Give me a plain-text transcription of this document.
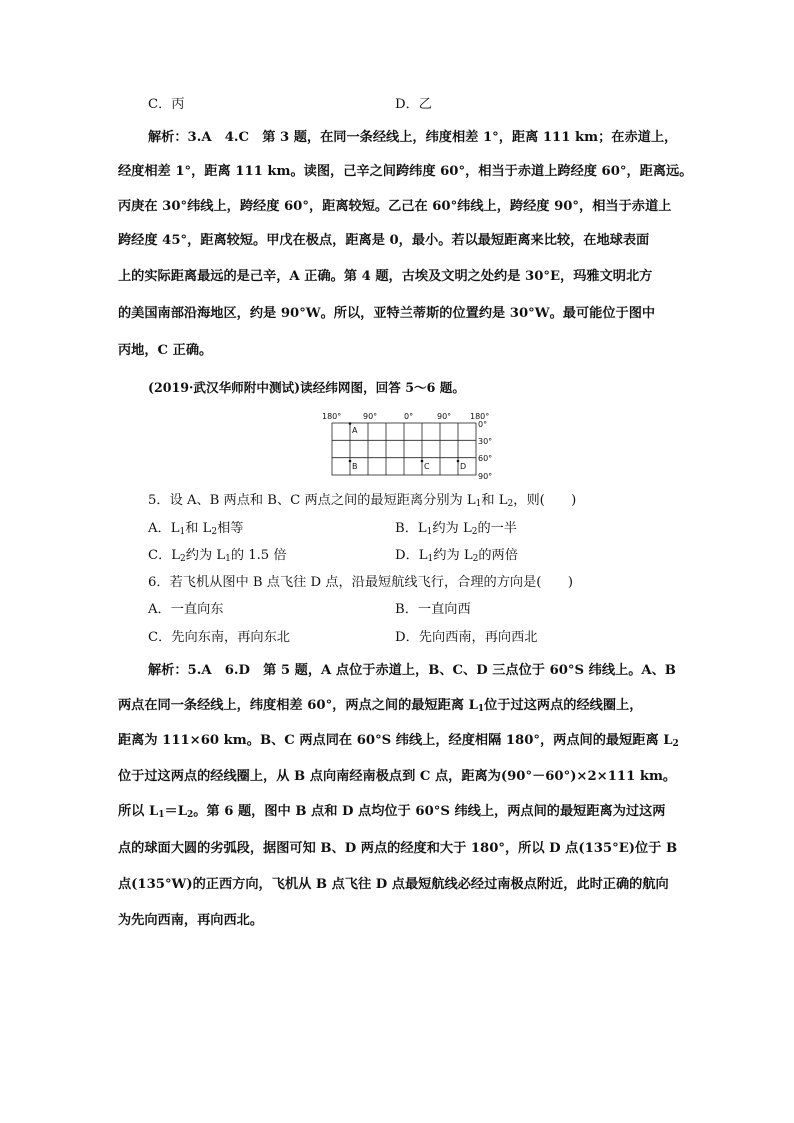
C．丙	D．乙
解析：3.A　4.C　第 3 题，在同一条经线上，纬度相差 1°，距离 111 km；在赤道上，
经度相差 1°，距离 111 km。读图，己辛之间跨纬度 60°，相当于赤道上跨经度 60°，距离远。
丙庚在 30°纬线上，跨经度 60°，距离较短。乙己在 60°纬线上，跨经度 90°，相当于赤道上
跨经度 45°，距离较短。甲戊在极点，距离是 0，最小。若以最短距离来比较，在地球表面
上的实际距离最远的是己辛，A 正确。第 4 题，古埃及文明之处约是 30°E，玛雅文明北方
的美国南部沿海地区，约是 90°W。所以，亚特兰蒂斯的位置约是 30°W。最可能位于图中
丙地，C 正确。
(2019·武汉华师附中测试)读经纬网图，回答 5～6 题。
180°	90°	0°	90° 180°
0°
30°
60°
90°
A
B	C	D
5．设 A、B 两点和 B、C 两点之间的最短距离分别为 $L_1$和 $L_2$，则(　　)
A．$L_1$和 $L_2$相等	B．$L_1$约为 $L_2$的一半
C．$L_2$约为 $L_1$的 1.5 倍	D．$L_1$约为 $L_2$的两倍
6．若飞机从图中 B 点飞往 D 点，沿最短航线飞行，合理的方向是(　　)
A．一直向东	B．一直向西
C．先向东南，再向东北	D．先向西南，再向西北
解析：5.A　6.D　第 5 题，A 点位于赤道上，B、C、D 三点位于 60°S 纬线上。A、B
两点在同一条经线上，纬度相差 60°，两点之间的最短距离 $L_1$位于过这两点的经线圈上，
距离为 111×60 km。B、C 两点同在 60°S 纬线上，经度相隔 180°，两点间的最短距离 $L_2$
位于过这两点的经线圈上，从 B 点向南经南极点到 C 点，距离为(90°－60°)×2×111 km。
所以 $L_1=L_2$。第 6 题，图中 B 点和 D 点均位于 60°S 纬线上，两点间的最短距离为过这两
点的球面大圆的劣弧段，据图可知 B、D 两点的经度和大于 180°，所以 D 点(135°E)位于 B
点(135°W)的正西方向，飞机从 B 点飞往 D 点最短航线必经过南极点附近，此时正确的航向
为先向西南，再向西北。
